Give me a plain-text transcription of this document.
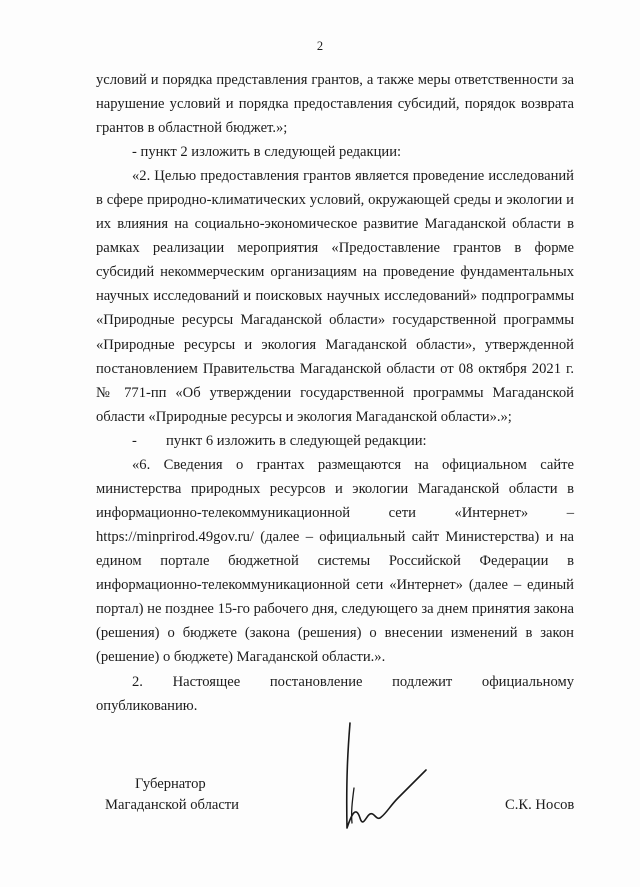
2

условий и порядка представления грантов, а также меры ответственности за нарушение условий и порядка предоставления субсидий, порядок возврата грантов в областной бюджет.»;

- пункт 2 изложить в следующей редакции:

«2. Целью предоставления грантов является проведение исследований в сфере природно-климатических условий, окружающей среды и экологии и их влияния на социально-экономическое развитие Магаданской области в рамках реализации мероприятия «Предоставление грантов в форме субсидий некоммерческим организациям на проведение фундаментальных научных исследований и поисковых научных исследований» подпрограммы «Природные ресурсы Магаданской области» государственной программы «Природные ресурсы и экология Магаданской области», утвержденной постановлением Правительства Магаданской области от 08 октября 2021 г. № 771-пп «Об утверждении государственной программы Магаданской области «Природные ресурсы и экология Магаданской области».»;

-	пункт 6 изложить в следующей редакции:

«6. Сведения о грантах размещаются на официальном сайте министерства природных ресурсов и экологии Магаданской области в информационно-телекоммуникационной сети «Интернет» – https://minprirod.49gov.ru/ (далее – официальный сайт Министерства) и на едином портале бюджетной системы Российской Федерации в информационно-телекоммуникационной сети «Интернет» (далее – единый портал) не позднее 15-го рабочего дня, следующего за днем принятия закона (решения) о бюджете (закона (решения) о внесении изменений в закон (решение) о бюджете) Магаданской области.».

2. Настоящее постановление подлежит официальному опубликованию.

Губернатор
Магаданской области	С.К. Носов
